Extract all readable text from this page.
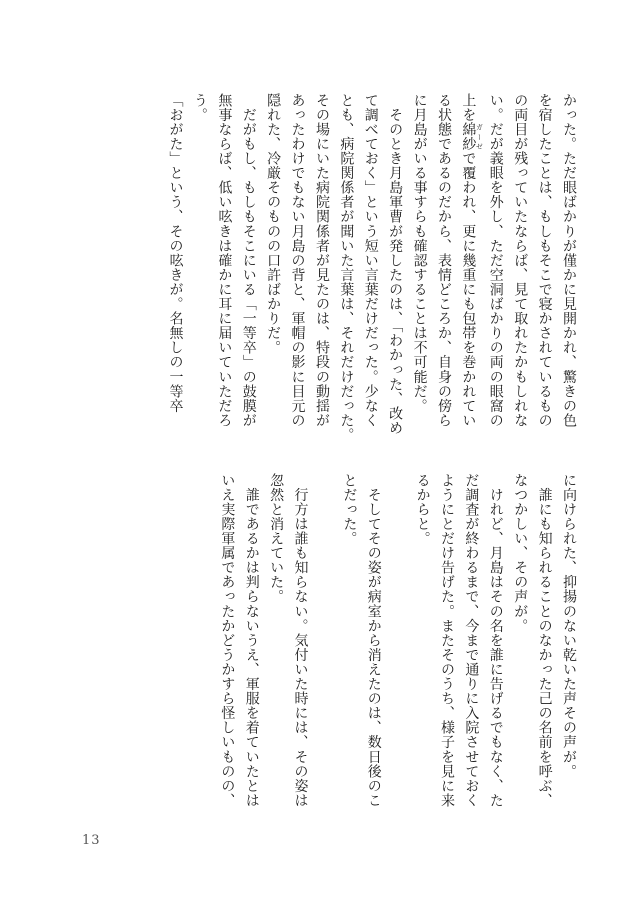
かった。ただ眼ばかりが僅かに見開かれ、驚きの色
を宿したことは、もしもそこで寝かされているもの
の両目が残っていたならば、見て取れたかもしれな
い。だが義眼を外し、ただ空洞ばかりの両の眼窩の
上を綿紗 ガーゼで覆われ、更に幾重にも包帯を巻かれてい
る状態であるのだから、表情どころか、自身の傍ら
に月島がいる事すらも確認することは不可能だ。
　そのとき月島軍曹が発したのは、「わかった、改め
て調べておく」という短い言葉だけだった。少なく
とも、病院関係者が聞いた言葉は、それだけだった。
その場にいた病院関係者が見たのは、特段の動揺が
あったわけでもない月島の背と、軍帽の影に目元の
隠れた、冷厳そのものの口許ばかりだ。
　だがもし、もしもそこにいる「一等卒」の鼓膜が
無事ならば、低い呟きは確かに耳に届いていただろ
う。
「おがた」という、その呟きが。名無しの一等卒
に向けられた、抑揚のない乾いた声その声が。
　誰にも知られることのなかった己の名前を呼ぶ、
なつかしい、その声が。
　けれど、月島はその名を誰に告げるでもなく、た
だ調査が終わるまで、今まで通りに入院させておく
ようにとだけ告げた。またそのうち、様子を見に来
るからと。

　そしてその姿が病室から消えたのは、数日後のこ
とだった。

　行方は誰も知らない。気付いた時には、その姿は
忽然と消えていた。
　誰であるかは判らないうえ、軍服を着ていたとは
いえ実際軍属であったかどうかすら怪しいものの、
13
